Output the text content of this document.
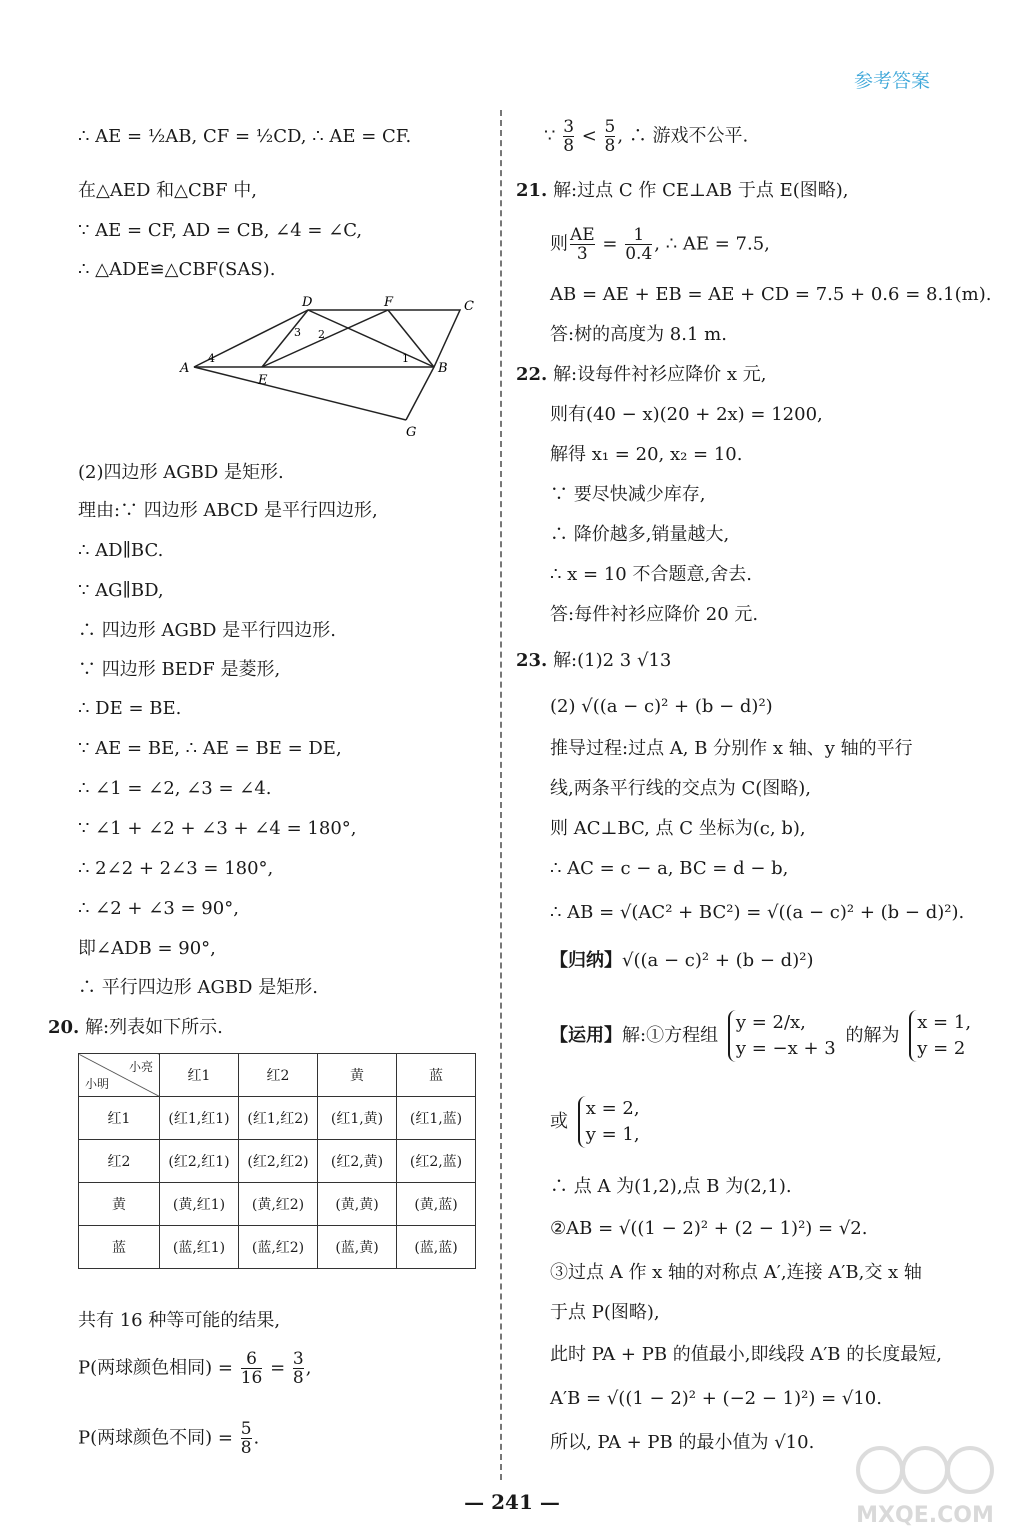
参考答案
∴ AE = ½AB, CF = ½CD, ∴ AE = CF.
在△AED 和△CBF 中,
∵ AE = CF, AD = CB, ∠4 = ∠C,
∴ △ADE≌△CBF(SAS).
D	F	C
A
E
B
G
3 2
4	1
(2)四边形 AGBD 是矩形.
理由:∵ 四边形 ABCD 是平行四边形,
∴ AD∥BC.
∵ AG∥BD,
∴ 四边形 AGBD 是平行四边形.
∵ 四边形 BEDF 是菱形,
∴ DE = BE.
∵ AE = BE, ∴ AE = BE = DE,
∴ ∠1 = ∠2, ∠3 = ∠4.
∵ ∠1 + ∠2 + ∠3 + ∠4 = 180°,
∴ 2∠2 + 2∠3 = 180°,
∴ ∠2 + ∠3 = 90°,
即∠ADB = 90°,
∴ 平行四边形 AGBD 是矩形.
20. 解:列表如下所示.
共有 16 种等可能的结果,
P(两球颜色相同) = $\frac{6}{16} = \frac{3}{8}$ ,
P(两球颜色不同) = $\frac{5}{8}$ .
小亮
小明	红1	红2	黄	蓝
红1	(红1,红1)	(红1,红2)	(红1,黄)	(红1,蓝)
红2	(红2,红1)	(红2,红2)	(红2,黄)	(红2,蓝)
黄	(黄,红1)	(黄,红2)	(黄,黄)	(黄,蓝)
蓝	(蓝,红1)	(蓝,红2)	(蓝,黄)	(蓝,蓝)
∵ $\frac{3}{8} < \frac{5}{8}$ , ∴ 游戏不公平.
21. 解:过点 C 作 CE⊥AB 于点 E(图略),
则 $\frac{AE}{3} = \frac{1}{0.4}$ , ∴ AE = 7.5,
AB = AE + EB = AE + CD = 7.5 + 0.6 = 8.1(m).
答:树的高度为 8.1 m.
22. 解:设每件衬衫应降价 x 元,
则有(40 − x)(20 + 2x) = 1200,
解得 x₁ = 20, x₂ = 10.
∵ 要尽快减少库存,
∴ 降价越多,销量越大,
∴ x = 10 不合题意,舍去.
答:每件衬衫应降价 20 元.
23. 解:(1)2 3 √13
(2) √((a − c)² + (b − d)²)
推导过程:过点 A, B 分别作 x 轴、y 轴的平行
线,两条平行线的交点为 C(图略),
则 AC⊥BC, 点 C 坐标为(c, b),
∴ AC = c − a, BC = d − b,
∴ AB = √(AC² + BC²) = √((a − c)² + (b − d)²).
【归纳】√((a − c)² + (b − d)²)
【运用】解:①方程组
y = 2/x,
y = −x + 3
的解为
x = 1,
y = 2
或
x = 2,
y = 1,
∴ 点 A 为(1,2),点 B 为(2,1).
②AB = √((1 − 2)² + (2 − 1)²) = √2.
③过点 A 作 x 轴的对称点 A′,连接 A′B,交 x 轴
于点 P(图略),
此时 PA + PB 的值最小,即线段 A′B 的长度最短,
A′B = √((1 − 2)² + (−2 − 1)²) = √10.
所以, PA + PB 的最小值为 √10.
— 241 —
MXQE.COM
